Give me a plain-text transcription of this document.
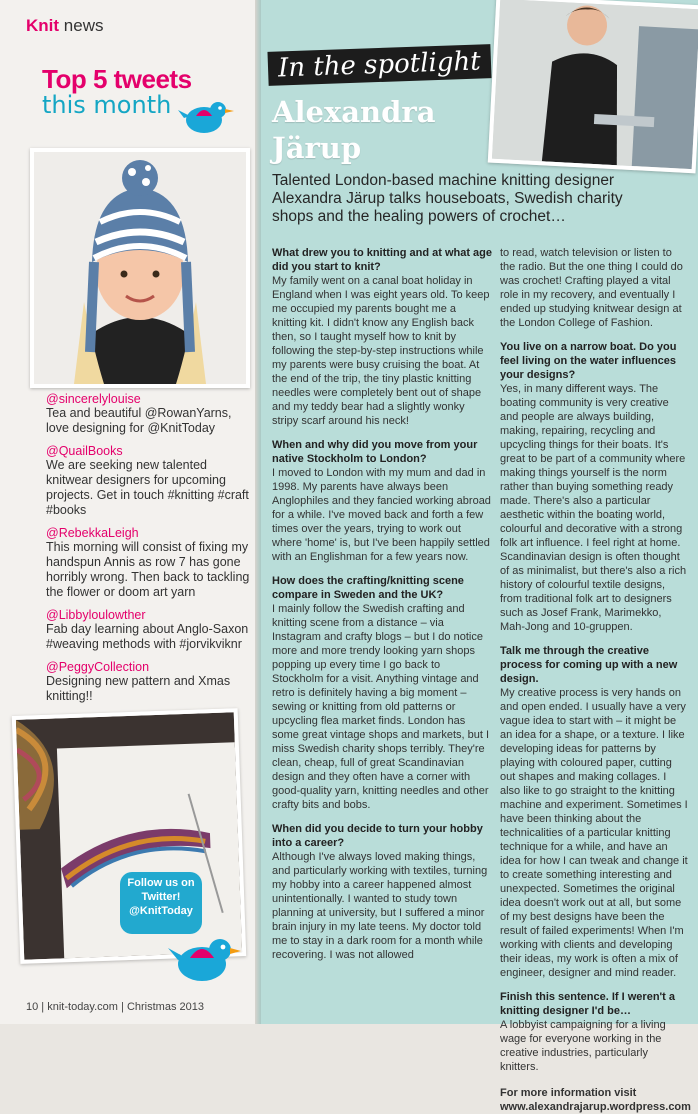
Knit news
Top 5 tweets
this month
@sincerelylouise
Tea and beautiful @RowanYarns, love designing for @KnitToday
@QuailBooks
We are seeking new talented knitwear designers for upcoming projects. Get in touch #knitting #craft #books
@RebekkaLeigh
This morning will consist of fixing my handspun Annis as row 7 has gone horribly wrong. Then back to tackling the flower or doom art yarn
@Libbyloulowther
Fab day learning about Anglo-Saxon #weaving methods with #jorvikviknr
@PeggyCollection
Designing new pattern and Xmas knitting!!
Follow us on Twitter! @KnitToday
10 | knit-today.com | Christmas 2013
In the spotlight
Alexandra
Järup
Talented London-based machine knitting designer Alexandra Järup talks houseboats, Swedish charity shops and the healing powers of crochet…
What drew you to knitting and at what age did you start to knit?
My family went on a canal boat holiday in England when I was eight years old. To keep me occupied my parents bought me a knitting kit. I didn't know any English back then, so I taught myself how to knit by following the step-by-step instructions while my parents were busy cruising the boat. At the end of the trip, the tiny plastic knitting needles were completely bent out of shape and my teddy bear had a slightly wonky stripy scarf around his neck!
When and why did you move from your native Stockholm to London?
I moved to London with my mum and dad in 1998. My parents have always been Anglophiles and they fancied working abroad for a while. I've moved back and forth a few times over the years, trying to work out where 'home' is, but I've been happily settled with an Englishman for a few years now.
How does the crafting/knitting scene compare in Sweden and the UK?
I mainly follow the Swedish crafting and knitting scene from a distance – via Instagram and crafty blogs – but I do notice more and more trendy looking yarn shops popping up every time I go back to Stockholm for a visit. Anything vintage and retro is definitely having a big moment – sewing or knitting from old patterns or upcycling flea market finds. London has some great vintage shops and markets, but I miss Swedish charity shops terribly. They're clean, cheap, full of great Scandinavian design and they often have a corner with good-quality yarn, knitting needles and other crafty bits and bobs.
When did you decide to turn your hobby into a career?
Although I've always loved making things, and particularly working with textiles, turning my hobby into a career happened almost unintentionally. I wanted to study town planning at university, but I suffered a minor brain injury in my late teens. My doctor told me to stay in a dark room for a month while recovering. I was not allowed
to read, watch television or listen to the radio. But the one thing I could do was crochet! Crafting played a vital role in my recovery, and eventually I ended up studying knitwear design at the London College of Fashion.
You live on a narrow boat. Do you feel living on the water influences your designs?
Yes, in many different ways. The boating community is very creative and people are always building, making, repairing, recycling and upcycling things for their boats. It's great to be part of a community where making things yourself is the norm rather than buying something ready made. There's also a particular aesthetic within the boating world, colourful and decorative with a strong folk art influence. I feel right at home. Scandinavian design is often thought of as minimalist, but there's also a rich history of colourful textile designs, from traditional folk art to designers such as Josef Frank, Marimekko, Mah-Jong and 10-gruppen.
Talk me through the creative process for coming up with a new design.
My creative process is very hands on and open ended. I usually have a very vague idea to start with – it might be an idea for a shape, or a texture. I like developing ideas for patterns by playing with coloured paper, cutting out shapes and making collages. I also like to go straight to the knitting machine and experiment. Sometimes I have been thinking about the technicalities of a particular knitting technique for a while, and have an idea for how I can tweak and change it to create something interesting and unexpected. Sometimes the original idea doesn't work out at all, but some of my best designs have been the result of failed experiments! When I'm working with clients and developing their ideas, my work is often a mix of engineer, designer and mind reader.
Finish this sentence. If I weren't a knitting designer I'd be…
A lobbyist campaigning for a living wage for everyone working in the creative industries, particularly knitters.
For more information visit
www.alexandrajarup.wordpress.com
